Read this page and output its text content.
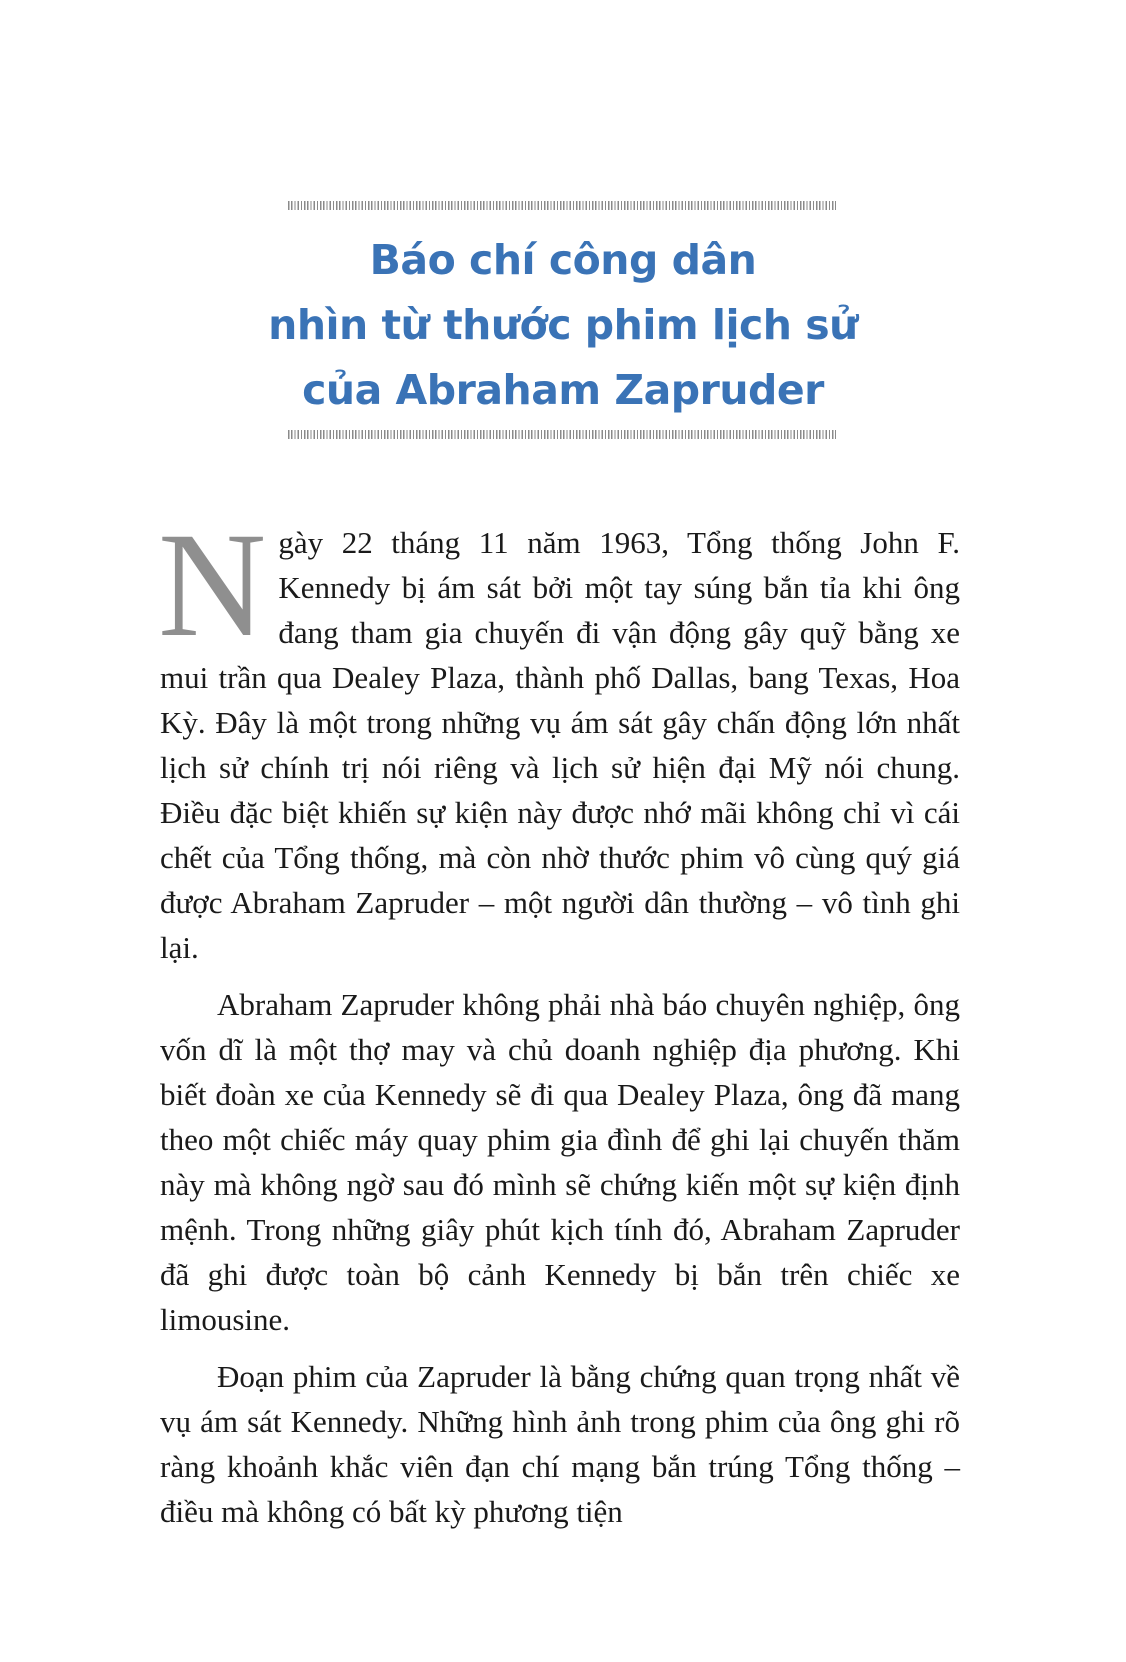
Báo chí công dân
nhìn từ thước phim lịch sử
của Abraham Zapruder

Ngày 22 tháng 11 năm 1963, Tổng thống John F. Kennedy bị ám sát bởi một tay súng bắn tỉa khi ông đang tham gia chuyến đi vận động gây quỹ bằng xe mui trần qua Dealey Plaza, thành phố Dallas, bang Texas, Hoa Kỳ. Đây là một trong những vụ ám sát gây chấn động lớn nhất lịch sử chính trị nói riêng và lịch sử hiện đại Mỹ nói chung. Điều đặc biệt khiến sự kiện này được nhớ mãi không chỉ vì cái chết của Tổng thống, mà còn nhờ thước phim vô cùng quý giá được Abraham Zapruder – một người dân thường – vô tình ghi lại.

Abraham Zapruder không phải nhà báo chuyên nghiệp, ông vốn dĩ là một thợ may và chủ doanh nghiệp địa phương. Khi biết đoàn xe của Kennedy sẽ đi qua Dealey Plaza, ông đã mang theo một chiếc máy quay phim gia đình để ghi lại chuyến thăm này mà không ngờ sau đó mình sẽ chứng kiến một sự kiện định mệnh. Trong những giây phút kịch tính đó, Abraham Zapruder đã ghi được toàn bộ cảnh Kennedy bị bắn trên chiếc xe limousine.

Đoạn phim của Zapruder là bằng chứng quan trọng nhất về vụ ám sát Kennedy. Những hình ảnh trong phim của ông ghi rõ ràng khoảnh khắc viên đạn chí mạng bắn trúng Tổng thống – điều mà không có bất kỳ phương tiện
